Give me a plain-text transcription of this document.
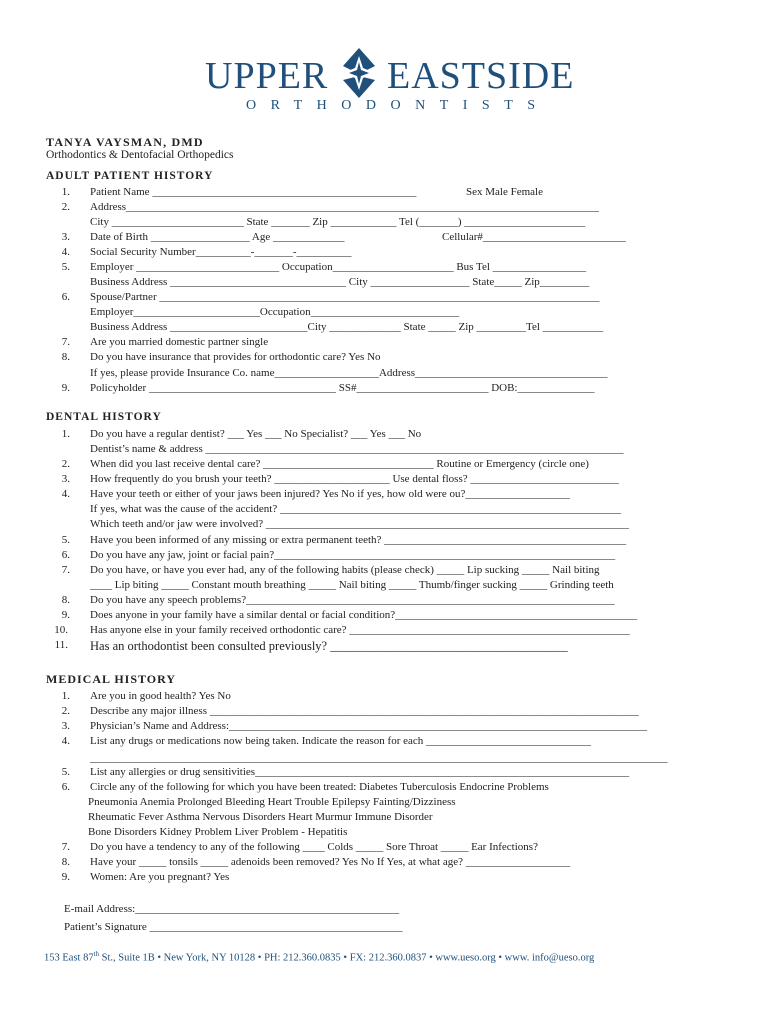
UPPER EASTSIDE
ORTHODONTISTS
TANYA VAYSMAN, DMD
Orthodontics & Dentofacial Orthopedics
ADULT PATIENT HISTORY
1. Patient Name ________________________________________________	Sex Male Female
2. Address______________________________________________________________________________________
City ________________________ State _______ Zip ____________ Tel (_______) ______________________
3. Date of Birth __________________ Age _____________	Cellular#__________________________
4. Social Security Number__________-_______-__________
5. Employer __________________________ Occupation______________________ Bus Tel _________________
Business Address ________________________________ City __________________ State_____ Zip_________
6. Spouse/Partner ________________________________________________________________________________
Employer_______________________Occupation___________________________
Business Address _________________________City _____________ State _____ Zip _________Tel ___________
7. Are you married domestic partner single
8. Do you have insurance that provides for orthodontic care? Yes No
If yes, please provide Insurance Co. name___________________Address___________________________________
9. Policyholder __________________________________ SS#________________________ DOB:______________
DENTAL HISTORY
1. Do you have a regular dentist? ___ Yes ___ No Specialist? ___ Yes ___ No
Dentist’s name & address ____________________________________________________________________________
2. When did you last receive dental care? _______________________________ Routine or Emergency (circle one)
3. How frequently do you brush your teeth? _____________________ Use dental floss? ___________________________
4. Have your teeth or either of your jaws been injured? Yes No if yes, how old were ou?___________________
If yes, what was the cause of the accident? ______________________________________________________________
Which teeth and/or jaw were involved? __________________________________________________________________
5. Have you been informed of any missing or extra permanent teeth? ____________________________________________
6. Do you have any jaw, joint or facial pain?______________________________________________________________
7. Do you have, or have you ever had, any of the following habits (please check) _____ Lip sucking _____ Nail biting
____ Lip biting _____ Constant mouth breathing _____ Nail biting _____ Thumb/finger sucking _____ Grinding teeth
8. Do you have any speech problems?___________________________________________________________________
9. Does anyone in your family have a similar dental or facial condition?____________________________________________
10. Has anyone else in your family received orthodontic care? ___________________________________________________
11. Has an orthodontist been consulted previously? ______________________________________
MEDICAL HISTORY
1. Are you in good health? Yes No
2. Describe any major illness ______________________________________________________________________________
3. Physician’s Name and Address:____________________________________________________________________________
4. List any drugs or medications now being taken. Indicate the reason for each ______________________________
_________________________________________________________________________________________________________
5. List any allergies or drug sensitivities____________________________________________________________________
6. Circle any of the following for which you have been treated: Diabetes Tuberculosis Endocrine Problems
Pneumonia Anemia Prolonged Bleeding Heart Trouble Epilepsy Fainting/Dizziness
Rheumatic Fever Asthma Nervous Disorders Heart Murmur Immune Disorder
Bone Disorders Kidney Problem Liver Problem - Hepatitis
7. Do you have a tendency to any of the following ____ Colds _____ Sore Throat _____ Ear Infections?
8. Have your _____ tonsils _____ adenoids been removed? Yes No If Yes, at what age? ___________________
9. Women: Are you pregnant? Yes
E-mail Address:________________________________________________
Patient’s Signature ______________________________________________
153 East 87th St., Suite 1B • New York, NY 10128 • PH: 212.360.0835 • FX: 212.360.0837 • www.ueso.org • www. info@ueso.org
